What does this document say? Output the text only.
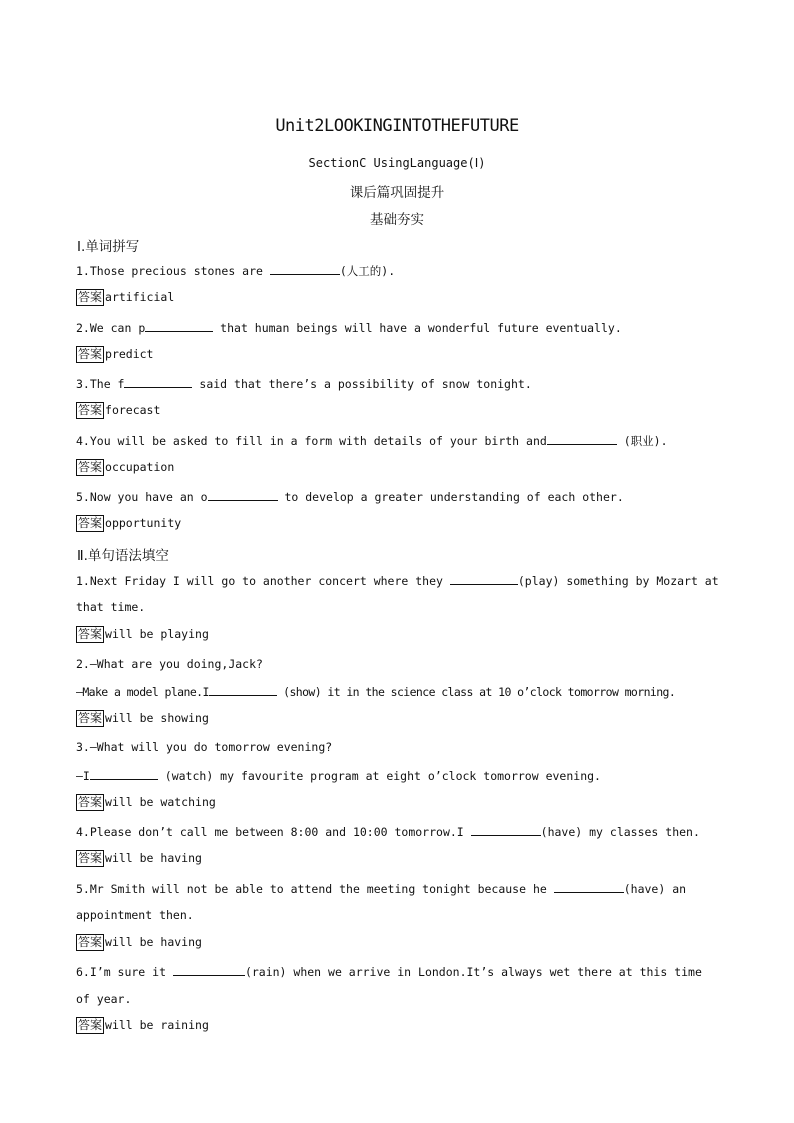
Unit2LOOKINGINTOTHEFUTURE
SectionC UsingLanguage(Ⅰ)
课后篇巩固提升
基础夯实
Ⅰ.单词拼写
1.Those precious stones are	(人工的).
答案 artificial
2.We can p	that human beings will have a wonderful future eventually.
答案 predict
3.The f	said that there’s a possibility of snow tonight.
答案 forecast
4.You will be asked to fill in a form with details of your birth and	(职业).
答案 occupation
5.Now you have an o	to develop a greater understanding of each other.
答案 opportunity
Ⅱ.单句语法填空
1.Next Friday I will go to another concert where they	(play) something by Mozart at
that time.
答案 will be playing
2.—What are you doing,Jack?
—Make a model plane.I	(show) it in the science class at 10 o’clock tomorrow morning.
答案 will be showing
3.—What will you do tomorrow evening?
—I	(watch) my favourite program at eight o’clock tomorrow evening.
答案 will be watching
4.Please don’t call me between 8:00 and 10:00 tomorrow.I	(have) my classes then.
答案 will be having
5.Mr Smith will not be able to attend the meeting tonight because he	(have) an
appointment then.
答案 will be having
6.I’m sure it	(rain) when we arrive in London.It’s always wet there at this time
of year.
答案 will be raining
